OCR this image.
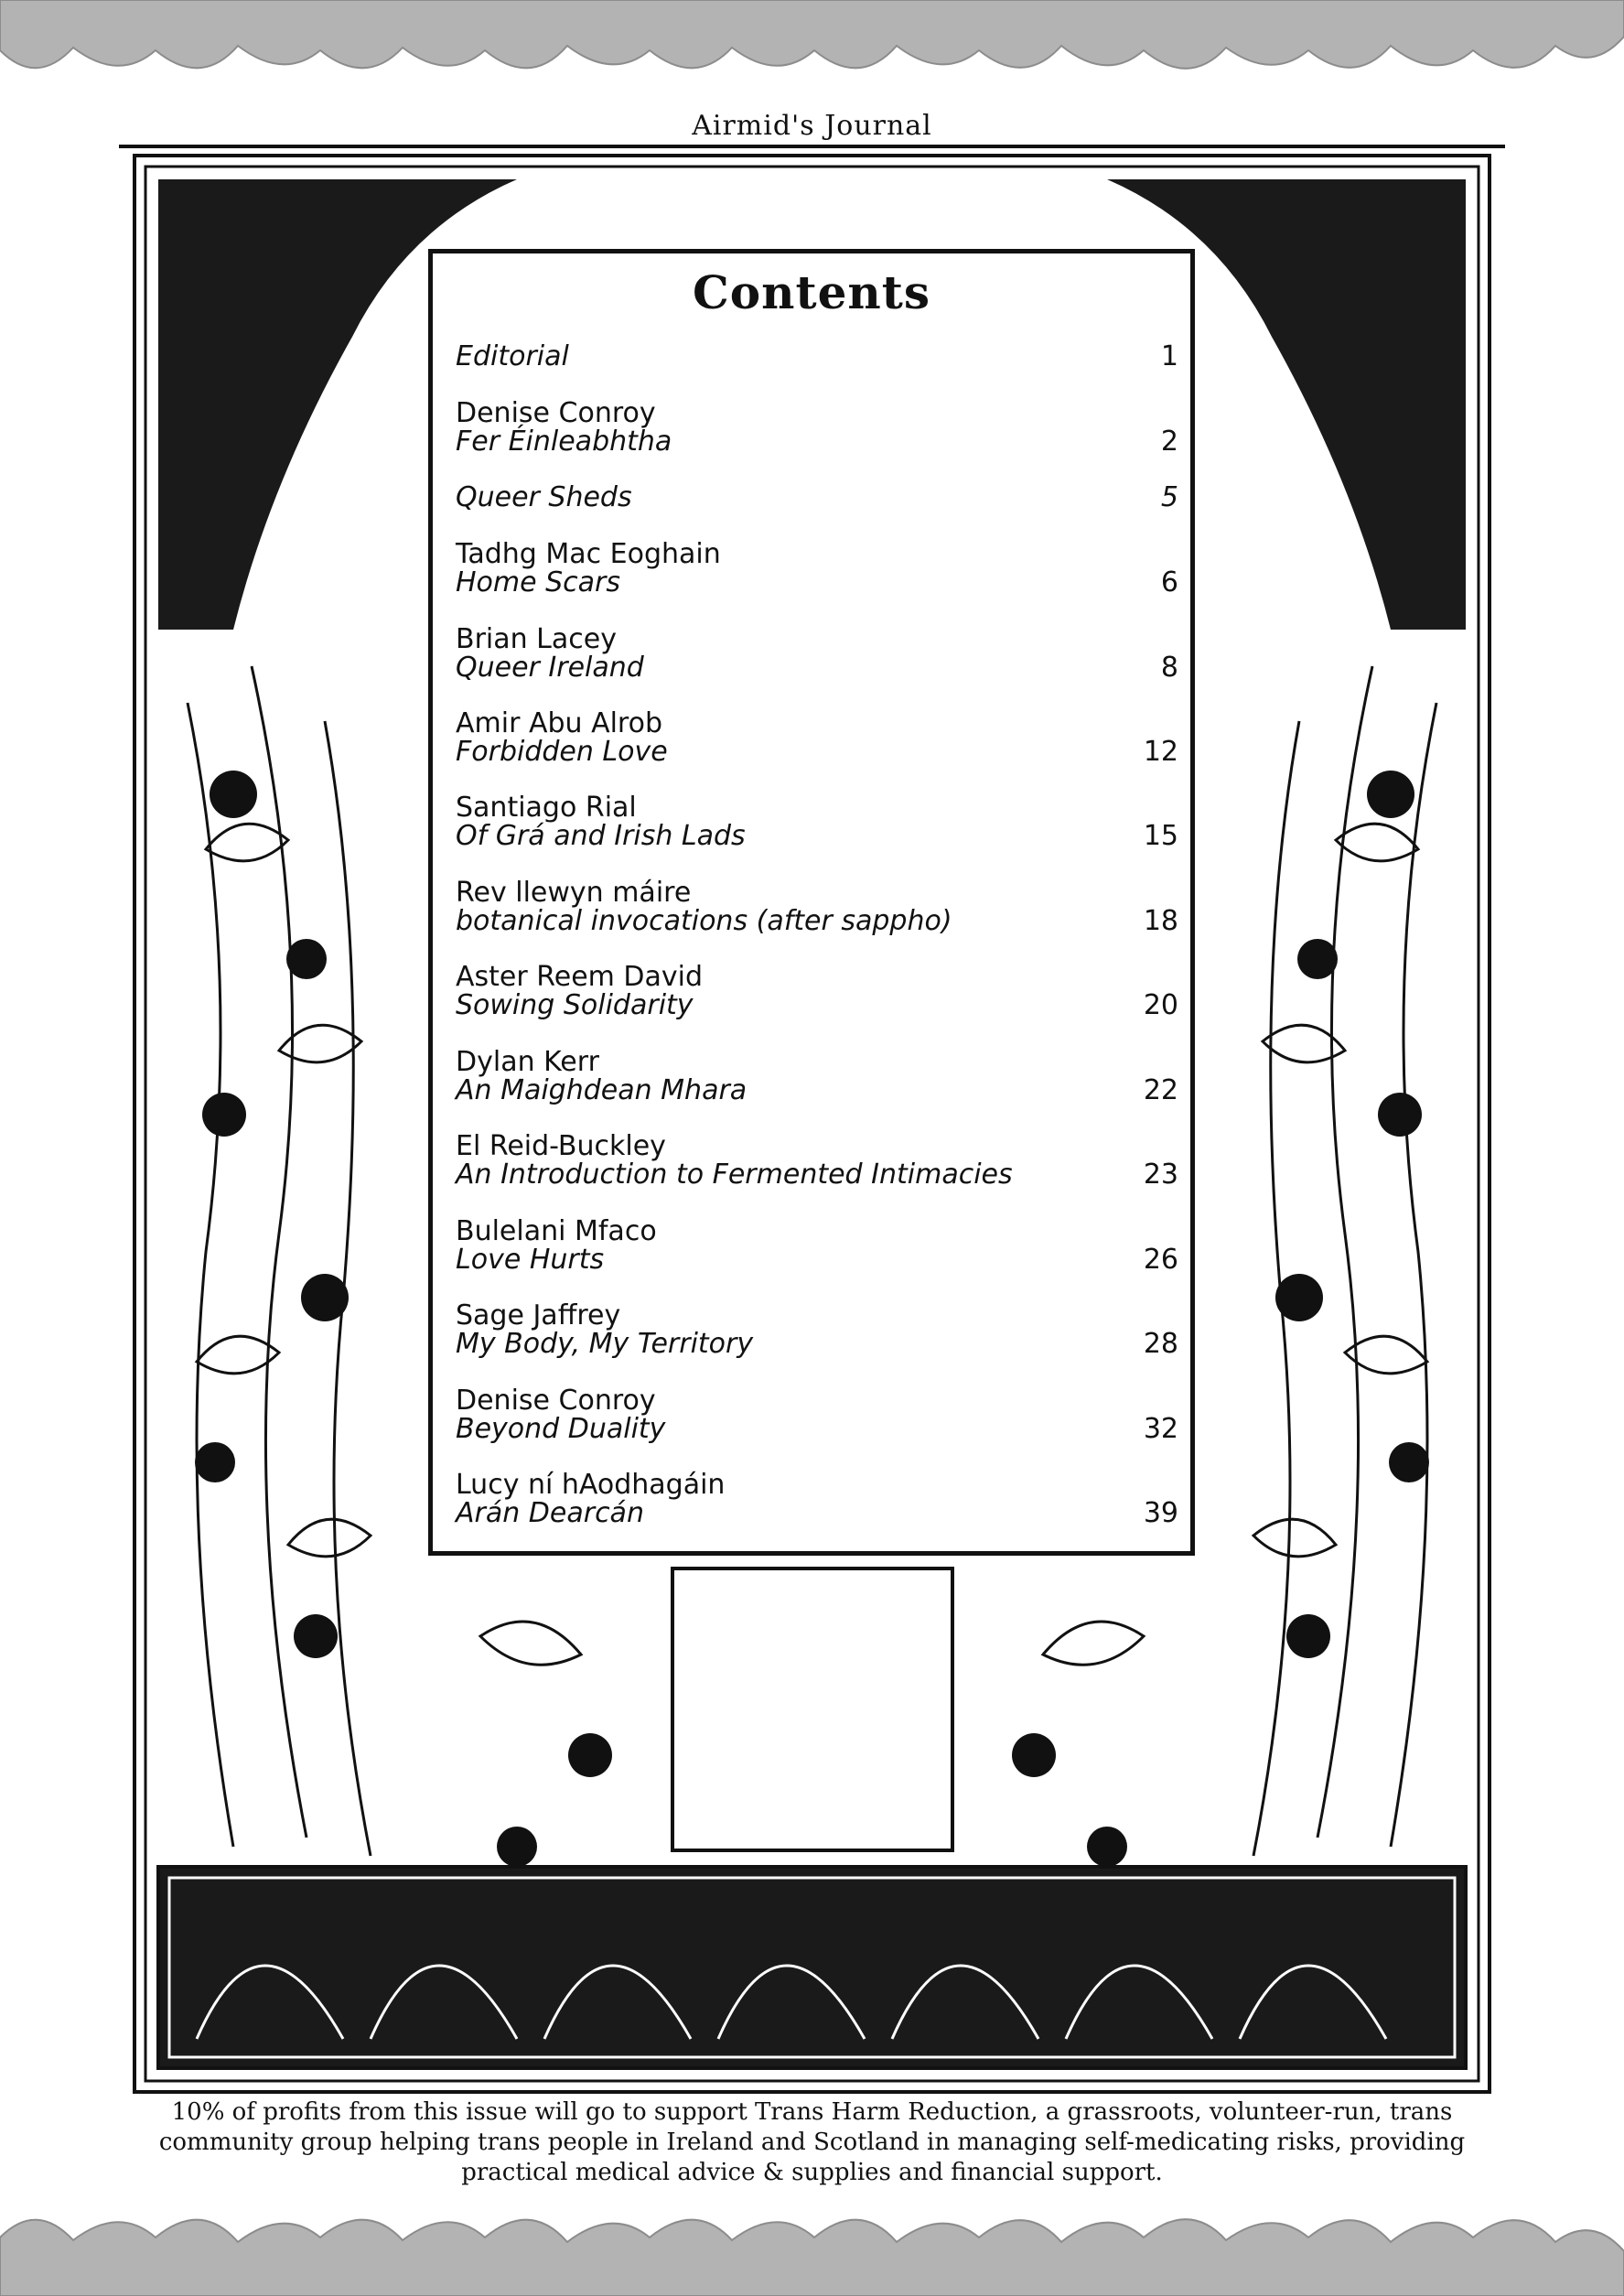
Airmid's Journal
Contents
Editorial	1
Denise Conroy
Fer Éinleabhtha	2
Queer Sheds	5
Tadhg Mac Eoghain
Home Scars	6
Brian Lacey
Queer Ireland	8
Amir Abu Alrob
Forbidden Love	12
Santiago Rial
Of Grá and Irish Lads	15
Rev llewyn máire
botanical invocations (after sappho)	18
Aster Reem David
Sowing Solidarity	20
Dylan Kerr
An Maighdean Mhara	22
El Reid-Buckley
An Introduction to Fermented Intimacies	23
Bulelani Mfaco
Love Hurts	26
Sage Jaffrey
My Body, My Territory	28
Denise Conroy
Beyond Duality	32
Lucy ní hAodhagáin
Arán Dearcán	39
10% of profits from this issue will go to support Trans Harm Reduction, a grassroots, volunteer-run, trans
community group helping trans people in Ireland and Scotland in managing self-medicating risks, providing
practical medical advice & supplies and financial support.
